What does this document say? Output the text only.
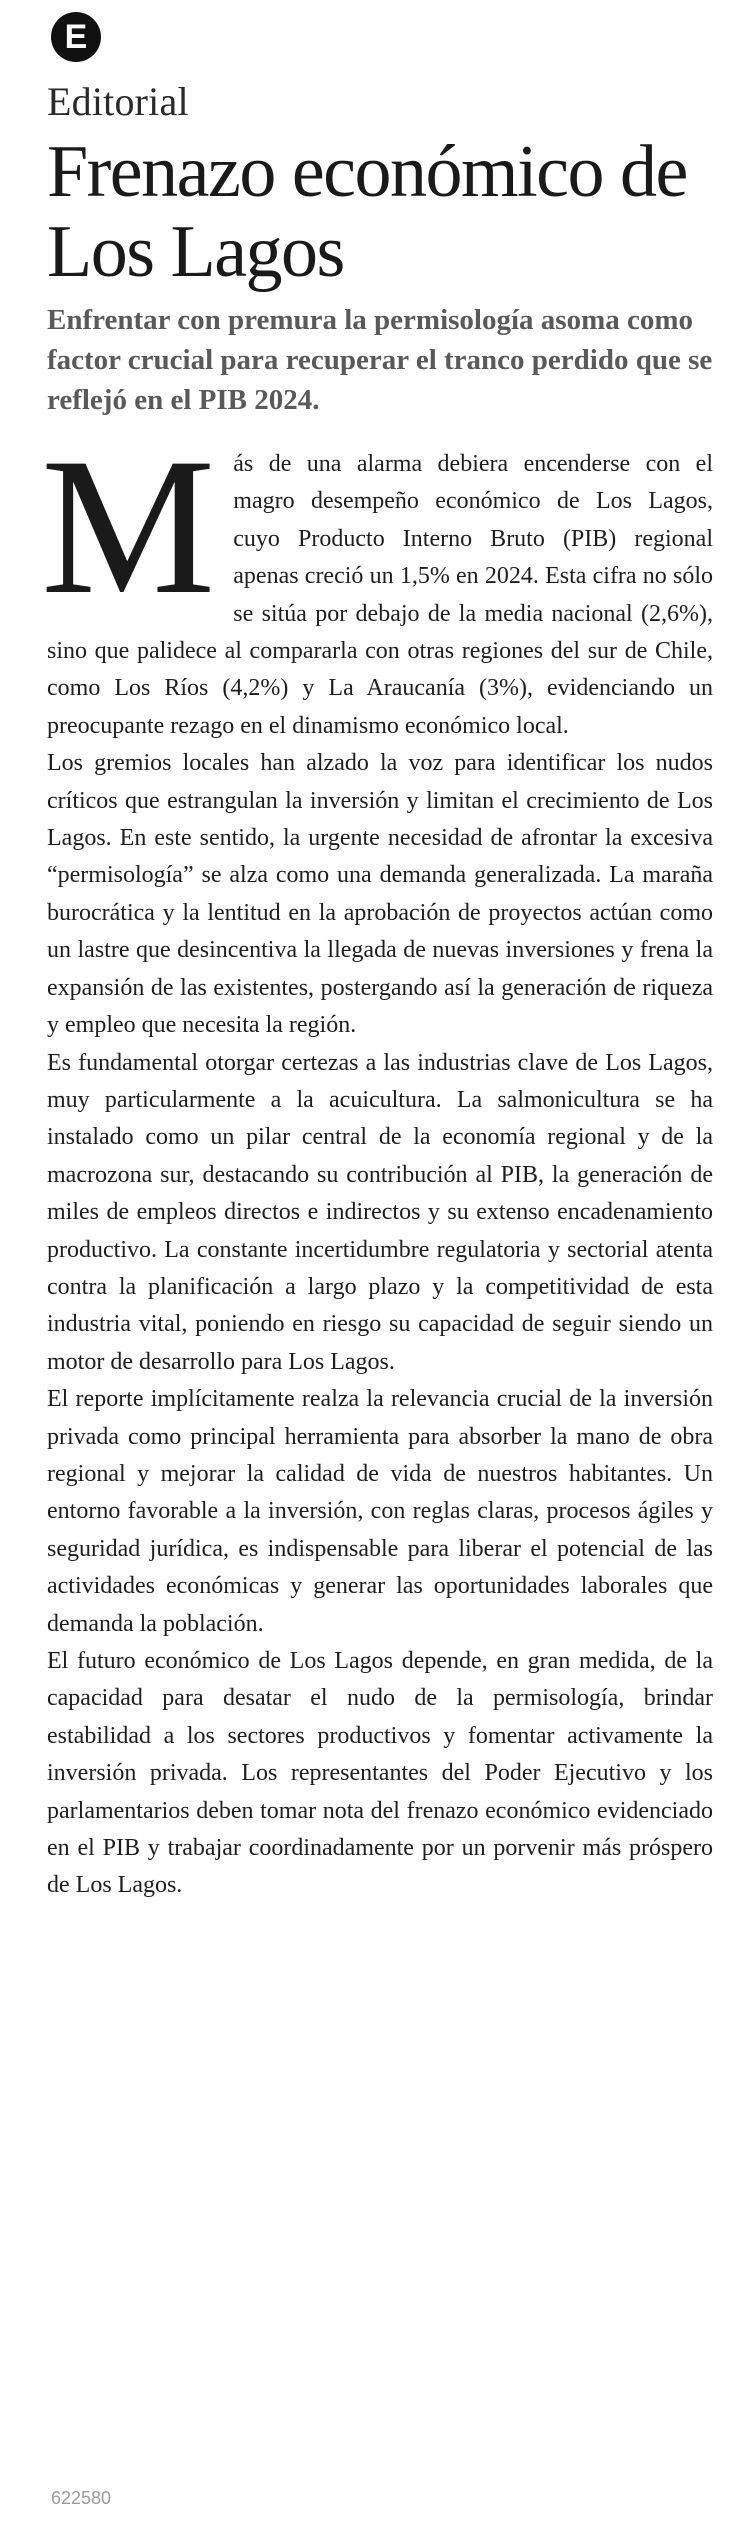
E
Editorial
Frenazo económico de Los Lagos
Enfrentar con premura la permisología asoma como factor crucial para recuperar el tranco perdido que se reflejó en el PIB 2024.

Más de una alarma debiera encenderse con el magro desempeño económico de Los Lagos, cuyo Producto Interno Bruto (PIB) regional apenas creció un 1,5% en 2024. Esta cifra no sólo se sitúa por debajo de la media nacional (2,6%), sino que palidece al compararla con otras regiones del sur de Chile, como Los Ríos (4,2%) y La Araucanía (3%), evidenciando un preocupante rezago en el dinamismo económico local.

Los gremios locales han alzado la voz para identificar los nudos críticos que estrangulan la inversión y limitan el crecimiento de Los Lagos. En este sentido, la urgente necesidad de afrontar la excesiva “permisología” se alza como una demanda generalizada. La maraña burocrática y la lentitud en la aprobación de proyectos actúan como un lastre que desincentiva la llegada de nuevas inversiones y frena la expansión de las existentes, postergando así la generación de riqueza y empleo que necesita la región.

Es fundamental otorgar certezas a las industrias clave de Los Lagos, muy particularmente a la acuicultura. La salmonicultura se ha instalado como un pilar central de la economía regional y de la macrozona sur, destacando su contribución al PIB, la generación de miles de empleos directos e indirectos y su extenso encadenamiento productivo. La constante incertidumbre regulatoria y sectorial atenta contra la planificación a largo plazo y la competitividad de esta industria vital, poniendo en riesgo su capacidad de seguir siendo un motor de desarrollo para Los Lagos.

El reporte implícitamente realza la relevancia crucial de la inversión privada como principal herramienta para absorber la mano de obra regional y mejorar la calidad de vida de nuestros habitantes. Un entorno favorable a la inversión, con reglas claras, procesos ágiles y seguridad jurídica, es indispensable para liberar el potencial de las actividades económicas y generar las oportunidades laborales que demanda la población.

El futuro económico de Los Lagos depende, en gran medida, de la capacidad para desatar el nudo de la permisología, brindar estabilidad a los sectores productivos y fomentar activamente la inversión privada. Los representantes del Poder Ejecutivo y los parlamentarios deben tomar nota del frenazo económico evidenciado en el PIB y trabajar coordinadamente por un porvenir más próspero de Los Lagos.

622580
